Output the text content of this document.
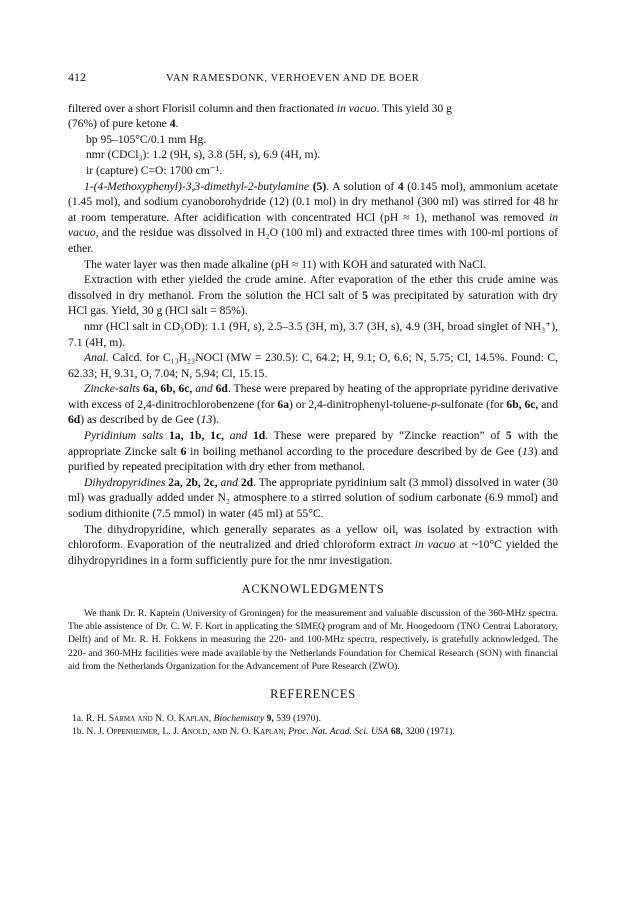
412	VAN RAMESDONK, VERHOEVEN AND DE BOER

filtered over a short Florisil column and then fractionated in vacuo. This yield 30 g
(76%) of pure ketone 4.

bp 95–105°C/0.1 mm Hg.

nmr (CDCl₃): 1.2 (9H, s), 3.8 (5H, s), 6.9 (4H, m).

ir (capture) C=O: 1700 cm⁻¹.

1-(4-Methoxyphenyl)-3,3-dimethyl-2-butylamine (5). A solution of 4 (0.145 mol), ammonium acetate (1.45 mol), and sodium cyanoborohydride (12) (0.1 mol) in dry methanol (300 ml) was stirred for 48 hr at room temperature. After acidification with concentrated HCl (pH ≈ 1), methanol was removed in vacuo, and the residue was dissolved in H₂O (100 ml) and extracted three times with 100-ml portions of ether.

The water layer was then made alkaline (pH ≈ 11) with KOH and saturated with NaCl.

Extraction with ether yielded the crude amine. After evaporation of the ether this crude amine was dissolved in dry methanol. From the solution the HCl salt of 5 was precipitated by saturation with dry HCl gas. Yield, 30 g (HCl salt = 85%).

nmr (HCl salt in CD₃OD): 1.1 (9H, s), 2.5–3.5 (3H, m), 3.7 (3H, s), 4.9 (3H, broad singlet of NH₃⁺), 7.1 (4H, m).

Anal. Calcd. for C₁₃H₂₃NOCl (MW = 230.5): C, 64.2; H, 9.1; O, 6.6; N, 5.75; Cl, 14.5%. Found: C, 62.33; H, 9.31, O, 7.04; N, 5.94; Cl, 15.15.

Zincke-salts 6a, 6b, 6c, and 6d. These were prepared by heating of the appropriate pyridine derivative with excess of 2,4-dinitrochlorobenzene (for 6a) or 2,4-dinitrophenyl-toluene-p-sulfonate (for 6b, 6c, and 6d) as described by de Gee (13).

Pyridinium salts 1a, 1b, 1c, and 1d. These were prepared by “Zincke reaction” of 5 with the appropriate Zincke salt 6 in boiling methanol according to the procedure described by de Gee (13) and purified by repeated precipitation with dry ether from methanol.

Dihydropyridines 2a, 2b, 2c, and 2d. The appropriate pyridinium salt (3 mmol) dissolved in water (30 ml) was gradually added under N₂ atmosphere to a stirred solution of sodium carbonate (6.9 mmol) and sodium dithionite (7.5 mmol) in water (45 ml) at 55°C.

The dihydropyridine, which generally separates as a yellow oil, was isolated by extraction with chloroform. Evaporation of the neutralized and dried chloroform extract in vacuo at ~10°C yielded the dihydropyridines in a form sufficiently pure for the nmr investigation.

ACKNOWLEDGMENTS

We thank Dr. R. Kaptein (University of Groningen) for the measurement and valuable discussion of the 360-MHz spectra. The able assistence of Dr. C. W. F. Kort in applicating the SIMEQ program and of Mr. Hoogedoorn (TNO Centrai Laboratory, Delft) and of Mr. R. H. Fokkens in measuring the 220- and 100-MHz spectra, respectively, is gratefully acknowledged. The 220- and 360-MHz facilities were made available by the Netherlands Foundation for Chemical Research (SON) with financial aid from the Netherlands Organization for the Advancement of Pure Research (ZWO).

REFERENCES

1a. R. H. Sarma and N. O. Kaplan, Biochemistry 9, 539 (1970).

1b. N. J. Oppenheimer, L. J. Anold, and N. O. Kaplan, Proc. Nat. Acad. Sci. USA 68, 3200 (1971).
